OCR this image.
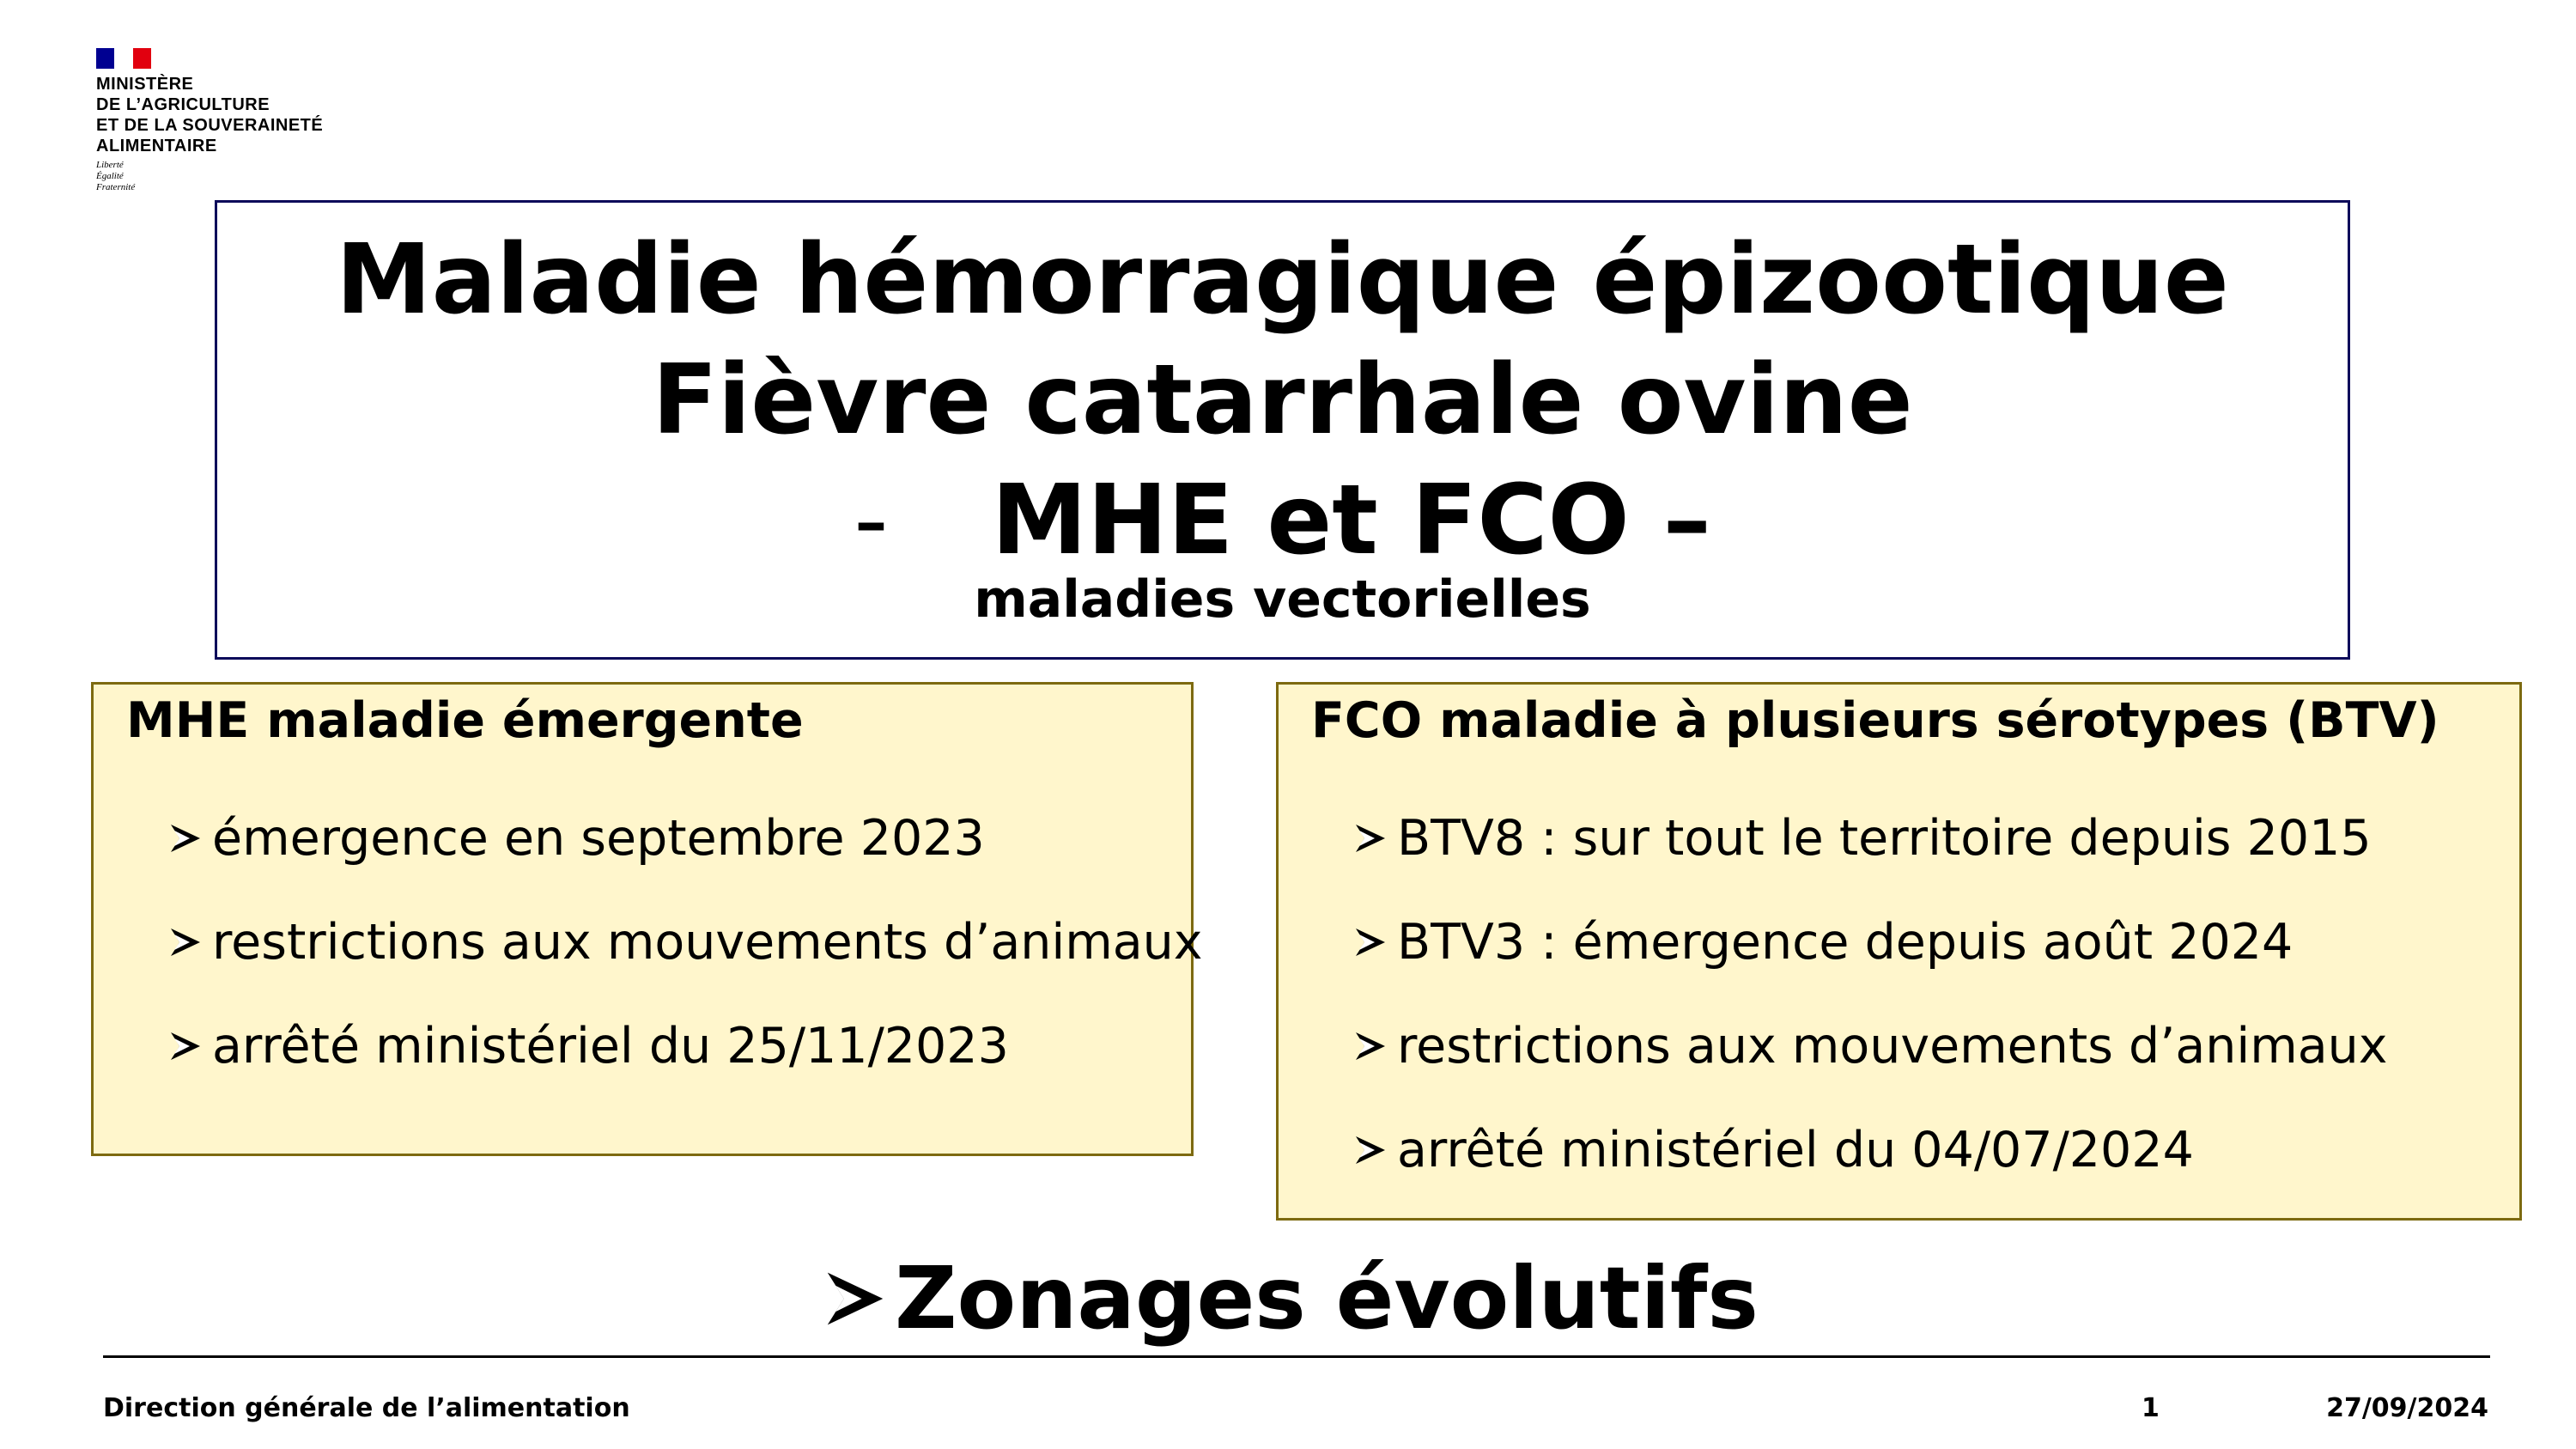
MINISTÈRE
DE L’AGRICULTURE
ET DE LA SOUVERAINETÉ
ALIMENTAIRE
Liberté
Égalité
Fraternité
Maladie hémorragique épizootique
Fièvre catarrhale ovine
- MHE et FCO –
maladies vectorielles
MHE maladie émergente
émergence en septembre 2023
restrictions aux mouvements d’animaux
arrêté ministériel du 25/11/2023
FCO maladie à plusieurs sérotypes (BTV)
BTV8 : sur tout le territoire depuis 2015
BTV3 : émergence depuis août 2024
restrictions aux mouvements d’animaux
arrêté ministériel du 04/07/2024
Zonages évolutifs
Direction générale de l’alimentation	1	27/09/2024
